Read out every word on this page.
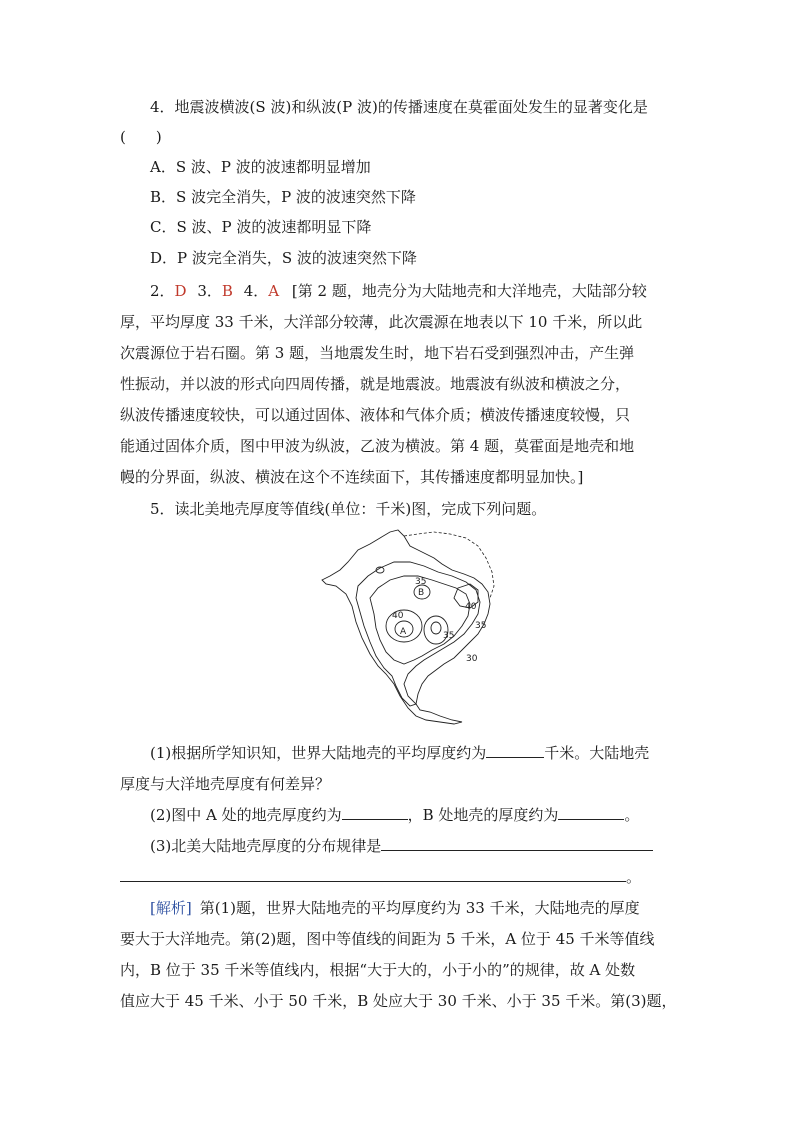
4．地震波横波(S 波)和纵波(P 波)的传播速度在莫霍面处发生的显著变化是
(　　)
A．S 波、P 波的波速都明显增加
B．S 波完全消失，P 波的波速突然下降
C．S 波、P 波的波速都明显下降
D．P 波完全消失，S 波的波速突然下降
2．D 3．B 4．A [第 2 题，地壳分为大陆地壳和大洋地壳，大陆部分较
厚，平均厚度 33 千米，大洋部分较薄，此次震源在地表以下 10 千米，所以此
次震源位于岩石圈。第 3 题，当地震发生时，地下岩石受到强烈冲击，产生弹
性振动，并以波的形式向四周传播，就是地震波。地震波有纵波和横波之分，
纵波传播速度较快，可以通过固体、液体和气体介质；横波传播速度较慢，只
能通过固体介质，图中甲波为纵波，乙波为横波。第 4 题，莫霍面是地壳和地
幔的分界面，纵波、横波在这个不连续面下，其传播速度都明显加快。]
5．读北美地壳厚度等值线(单位：千米)图，完成下列问题。
35
B
40
40
A	35
35
30
(1)根据所学知识知，世界大陆地壳的平均厚度约为	千米。大陆地壳
厚度与大洋地壳厚度有何差异？
(2)图中 A 处的地壳厚度约为	，B 处地壳的厚度约为	。
(3)北美大陆地壳厚度的分布规律是
。
[解析] 第(1)题，世界大陆地壳的平均厚度约为 33 千米，大陆地壳的厚度
要大于大洋地壳。第(2)题，图中等值线的间距为 5 千米，A 位于 45 千米等值线
内，B 位于 35 千米等值线内，根据“大于大的，小于小的”的规律，故 A 处数
值应大于 45 千米、小于 50 千米，B 处应大于 30 千米、小于 35 千米。第(3)题，
